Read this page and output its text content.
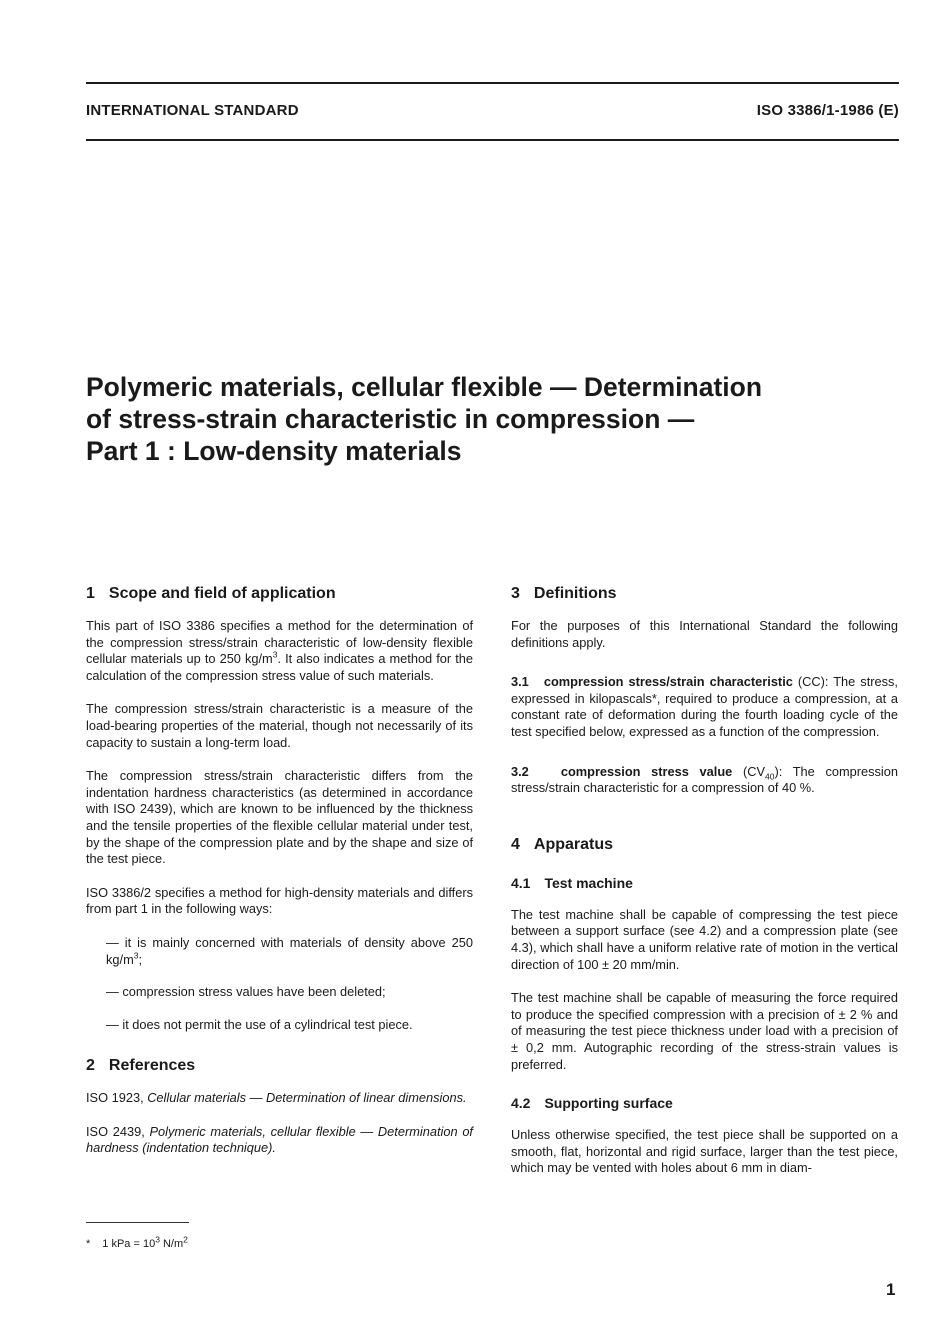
INTERNATIONAL STANDARD	ISO 3386/1-1986 (E)
Polymeric materials, cellular flexible — Determination
of stress-strain characteristic in compression —
Part 1 : Low-density materials
1 Scope and field of application

This part of ISO 3386 specifies a method for the determination of the compression stress/strain characteristic of low-density flexible cellular materials up to 250 $kg/m^3$. It also indicates a method for the calculation of the compression stress value of such materials.

The compression stress/strain characteristic is a measure of the load-bearing properties of the material, though not necessarily of its capacity to sustain a long-term load.

The compression stress/strain characteristic differs from the indentation hardness characteristics (as determined in accordance with ISO 2439), which are known to be influenced by the thickness and the tensile properties of the flexible cellular material under test, by the shape of the compression plate and by the shape and size of the test piece.

ISO 3386/2 specifies a method for high-density materials and differs from part 1 in the following ways:

— it is mainly concerned with materials of density above 250 $kg/m^3$;

— compression stress values have been deleted;

— it does not permit the use of a cylindrical test piece.

2 References

ISO 1923, Cellular materials — Determination of linear dimensions.

ISO 2439, Polymeric materials, cellular flexible — Determination of hardness (indentation technique).

3 Definitions

For the purposes of this International Standard the following definitions apply.

3.1 compression stress/strain characteristic (CC): The stress, expressed in kilopascals*, required to produce a compression, at a constant rate of deformation during the fourth loading cycle of the test specified below, expressed as a function of the compression.

3.2	compression stress value $(CV_{40})$: The compression stress/strain characteristic for a compression of 40 %.

4 Apparatus
4.1 Test machine

The test machine shall be capable of compressing the test piece between a support surface (see 4.2) and a compression plate (see 4.3), which shall have a uniform relative rate of motion in the vertical direction of 100 ± 20 mm/min.

The test machine shall be capable of measuring the force required to produce the specified compression with a precision of ± 2 % and of measuring the test piece thickness under load with a precision of ± 0,2 mm. Autographic recording of the stress-strain values is preferred.

4.2 Supporting surface

Unless otherwise specified, the test piece shall be supported on a smooth, flat, horizontal and rigid surface, larger than the test piece, which may be vented with holes about 6 mm in diam-

* 1 kPa = $10^3$ $N/m^2$
1
